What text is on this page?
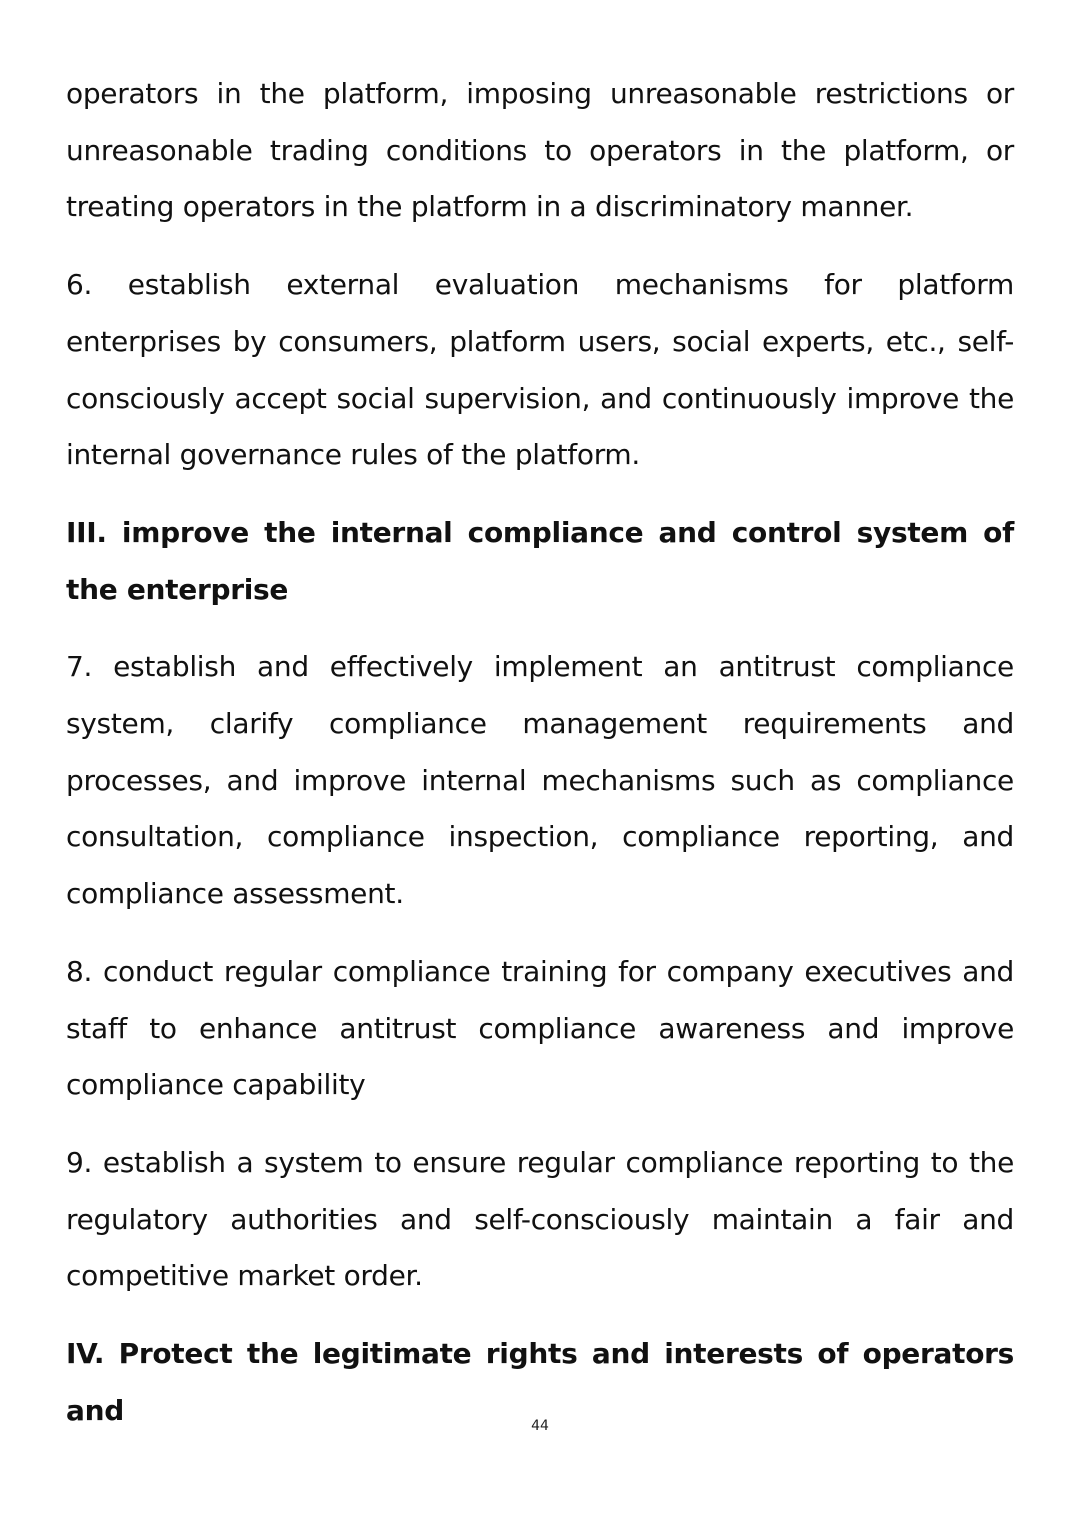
operators in the platform, imposing unreasonable restrictions or unreasonable trading conditions to operators in the platform, or treating operators in the platform in a discriminatory manner.

6. establish external evaluation mechanisms for platform enterprises by consumers, platform users, social experts, etc., self-consciously accept social supervision, and continuously improve the internal governance rules of the platform.

III. improve the internal compliance and control system of the enterprise

7. establish and effectively implement an antitrust compliance system, clarify compliance management requirements and processes, and improve internal mechanisms such as compliance consultation, compliance inspection, compliance reporting, and compliance assessment.

8. conduct regular compliance training for company executives and staff to enhance antitrust compliance awareness and improve compliance capability

9. establish a system to ensure regular compliance reporting to the regulatory authorities and self-consciously maintain a fair and competitive market order.

IV. Protect the legitimate rights and interests of operators and	44
